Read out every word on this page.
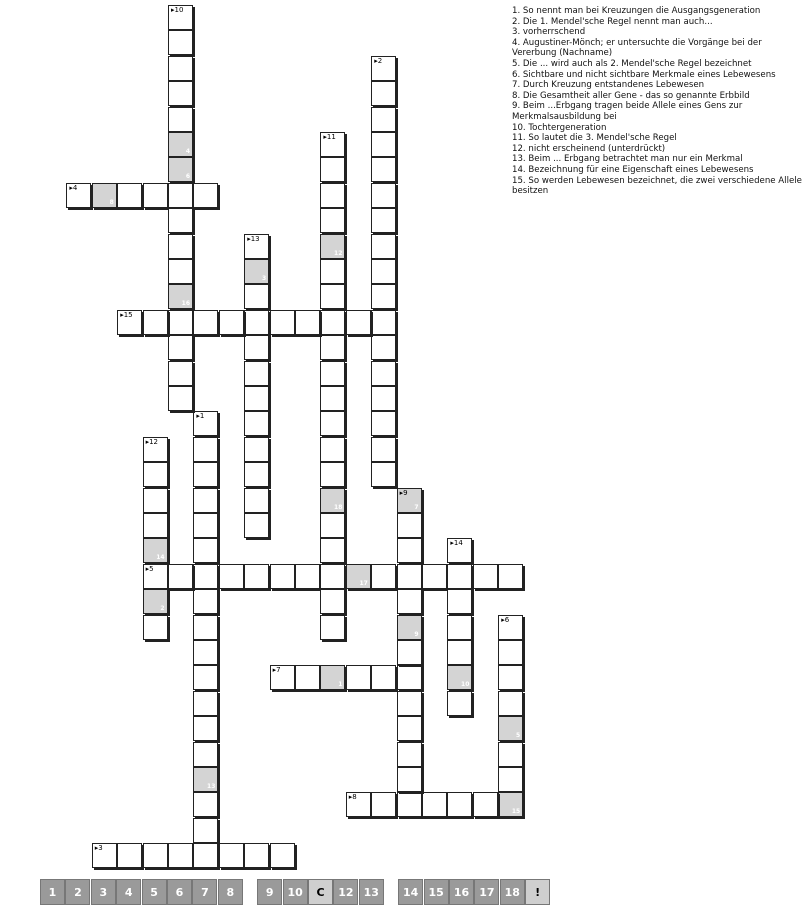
▸1
13
▸2
▸3
▸4
8
▸5
17
▸6
5
15
▸7
1
▸8
▸9
7
9
▸10
4
6
16
▸11
12
18
▸12
14
2
▸13
3
▸14
10
▸15
1. So nennt man bei Kreuzungen die Ausgangsgeneration
2. Die 1. Mendel'sche Regel nennt man auch...
3. vorherrschend
4. Augustiner-Mönch; er untersuchte die Vorgänge bei der Vererbung (Nachname)
5. Die ... wird auch als 2. Mendel'sche Regel bezeichnet
6. Sichtbare und nicht sichtbare Merkmale eines Lebewesens
7. Durch Kreuzung entstandenes Lebewesen
8. Die Gesamtheit aller Gene - das so genannte Erbbild
9. Beim ...Erbgang tragen beide Allele eines Gens zur Merkmalsausbildung bei
10. Tochtergeneration
11. So lautet die 3. Mendel'sche Regel
12. nicht erscheinend (unterdrückt)
13. Beim ... Erbgang betrachtet man nur ein Merkmal
14. Bezeichnung für eine Eigenschaft eines Lebewesens
15. So werden Lebewesen bezeichnet, die zwei verschiedene Allele besitzen
1	2	3	4	5	6	7	8	9	10	C	12 13	14 15 16 17 18	!
